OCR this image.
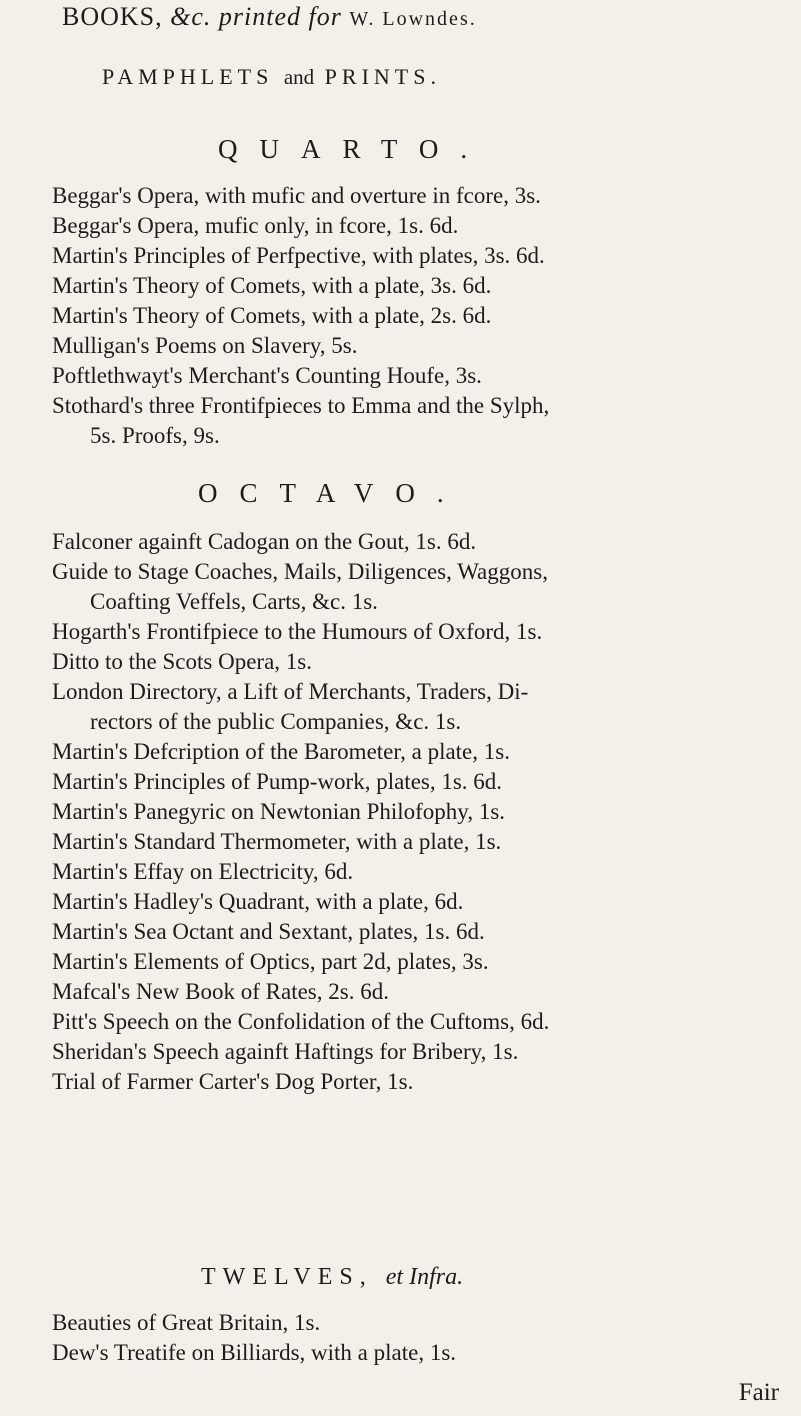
BOOKS, &c. printed for W. Lowndes.
PAMPHLETS and PRINTS.
QUARTO.
Beggar's Opera, with mufic and overture in fcore, 3s.
Beggar's Opera, mufic only, in fcore, 1s. 6d.
Martin's Principles of Perfpective, with plates, 3s. 6d.
Martin's Theory of Comets, with a plate, 3s. 6d.
Martin's Theory of Comets, with a plate, 2s. 6d.
Mulligan's Poems on Slavery, 5s.
Poftlethwayt's Merchant's Counting Houfe, 3s.
Stothard's three Frontifpieces to Emma and the Sylph,
5s. Proofs, 9s.
OCTAVO.
Falconer againft Cadogan on the Gout, 1s. 6d.
Guide to Stage Coaches, Mails, Diligences, Waggons,
Coafting Veffels, Carts, &c. 1s.
Hogarth's Frontifpiece to the Humours of Oxford, 1s.
Ditto to the Scots Opera, 1s.
London Directory, a Lift of Merchants, Traders, Di-
rectors of the public Companies, &c. 1s.
Martin's Defcription of the Barometer, a plate, 1s.
Martin's Principles of Pump-work, plates, 1s. 6d.
Martin's Panegyric on Newtonian Philofophy, 1s.
Martin's Standard Thermometer, with a plate, 1s.
Martin's Effay on Electricity, 6d.
Martin's Hadley's Quadrant, with a plate, 6d.
Martin's Sea Octant and Sextant, plates, 1s. 6d.
Martin's Elements of Optics, part 2d, plates, 3s.
Mafcal's New Book of Rates, 2s. 6d.
Pitt's Speech on the Confolidation of the Cuftoms, 6d.
Sheridan's Speech againft Haftings for Bribery, 1s.
Trial of Farmer Carter's Dog Porter, 1s.
TWELVES, et Infra.
Beauties of Great Britain, 1s.
Dew's Treatife on Billiards, with a plate, 1s.
Fair
